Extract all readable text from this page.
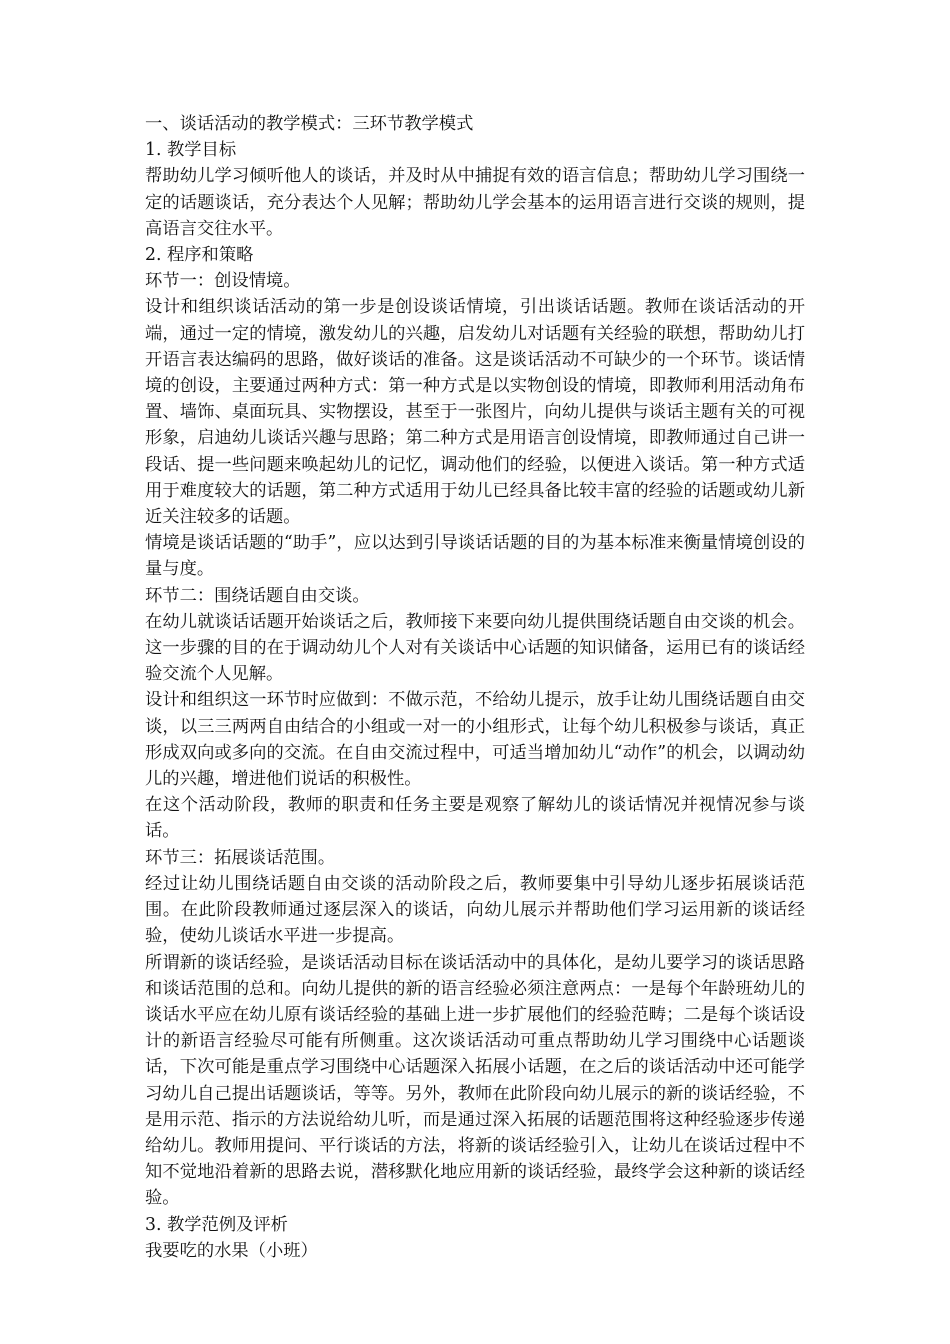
一、谈话活动的教学模式：三环节教学模式

1. 教学目标

帮助幼儿学习倾听他人的谈话，并及时从中捕捉有效的语言信息；帮助幼儿学习围绕一定的话题谈话，充分表达个人见解；帮助幼儿学会基本的运用语言进行交谈的规则，提高语言交往水平。

2. 程序和策略

环节一：创设情境。

设计和组织谈话活动的第一步是创设谈话情境，引出谈话话题。教师在谈话活动的开端，通过一定的情境，激发幼儿的兴趣，启发幼儿对话题有关经验的联想，帮助幼儿打开语言表达编码的思路，做好谈话的准备。这是谈话活动不可缺少的一个环节。谈话情境的创设，主要通过两种方式：第一种方式是以实物创设的情境，即教师利用活动角布置、墙饰、桌面玩具、实物摆设，甚至于一张图片，向幼儿提供与谈话主题有关的可视形象，启迪幼儿谈话兴趣与思路；第二种方式是用语言创设情境，即教师通过自己讲一段话、提一些问题来唤起幼儿的记忆，调动他们的经验，以便进入谈话。第一种方式适用于难度较大的话题，第二种方式适用于幼儿已经具备比较丰富的经验的话题或幼儿新近关注较多的话题。

情境是谈话话题的“助手”，应以达到引导谈话话题的目的为基本标准来衡量情境创设的量与度。

环节二：围绕话题自由交谈。

在幼儿就谈话话题开始谈话之后，教师接下来要向幼儿提供围绕话题自由交谈的机会。这一步骤的目的在于调动幼儿个人对有关谈话中心话题的知识储备，运用已有的谈话经验交流个人见解。

设计和组织这一环节时应做到：不做示范，不给幼儿提示，放手让幼儿围绕话题自由交谈，以三三两两自由结合的小组或一对一的小组形式，让每个幼儿积极参与谈话，真正形成双向或多向的交流。在自由交流过程中，可适当增加幼儿“动作”的机会，以调动幼儿的兴趣，增进他们说话的积极性。

在这个活动阶段，教师的职责和任务主要是观察了解幼儿的谈话情况并视情况参与谈话。

环节三：拓展谈话范围。

经过让幼儿围绕话题自由交谈的活动阶段之后，教师要集中引导幼儿逐步拓展谈话范围。在此阶段教师通过逐层深入的谈话，向幼儿展示并帮助他们学习运用新的谈话经验，使幼儿谈话水平进一步提高。

所谓新的谈话经验，是谈话活动目标在谈话活动中的具体化，是幼儿要学习的谈话思路和谈话范围的总和。向幼儿提供的新的语言经验必须注意两点：一是每个年龄班幼儿的谈话水平应在幼儿原有谈话经验的基础上进一步扩展他们的经验范畴；二是每个谈话设计的新语言经验尽可能有所侧重。这次谈话活动可重点帮助幼儿学习围绕中心话题谈话，下次可能是重点学习围绕中心话题深入拓展小话题，在之后的谈话活动中还可能学习幼儿自己提出话题谈话，等等。另外，教师在此阶段向幼儿展示的新的谈话经验，不是用示范、指示的方法说给幼儿听，而是通过深入拓展的话题范围将这种经验逐步传递给幼儿。教师用提问、平行谈话的方法，将新的谈话经验引入，让幼儿在谈话过程中不知不觉地沿着新的思路去说，潜移默化地应用新的谈话经验，最终学会这种新的谈话经验。

3. 教学范例及评析

我要吃的水果（小班）
